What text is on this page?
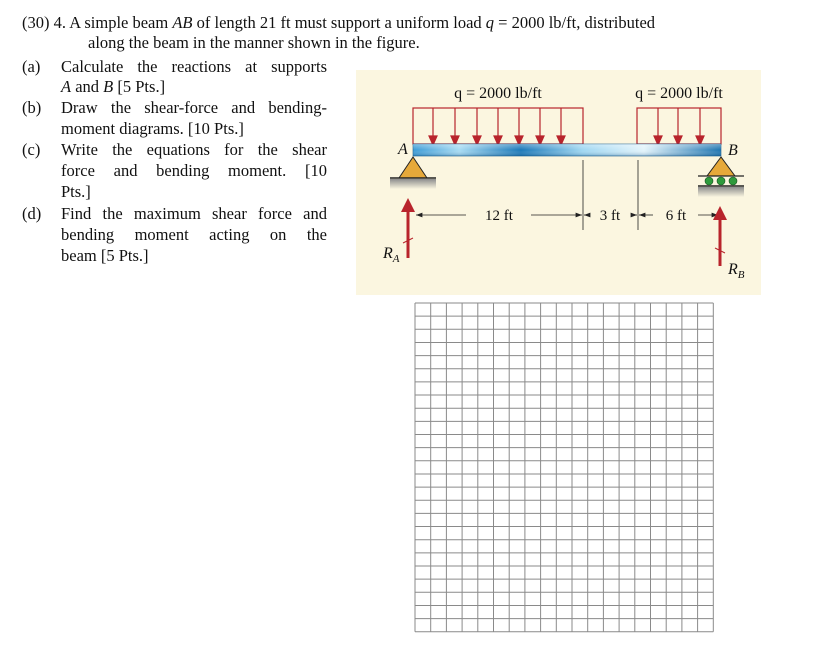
(30) 4. A simple beam AB of length 21 ft must support a uniform load q = 2000 lb/ft, distributed
along the beam in the manner shown in the figure.
(a) Calculate the reactions at supports
A and B [5 Pts.]
(b) Draw the shear-force and bending-
moment diagrams. [10 Pts.]
(c) Write the equations for the shear
force and bending moment. [10
Pts.]
(d) Find the maximum shear force and
bending moment acting on the
beam [5 Pts.]
q = 2000 lb/ft	q = 2000 lb/ft
A	B
12 ft	3 ft	6 ft
$R_A$
$R_B$
